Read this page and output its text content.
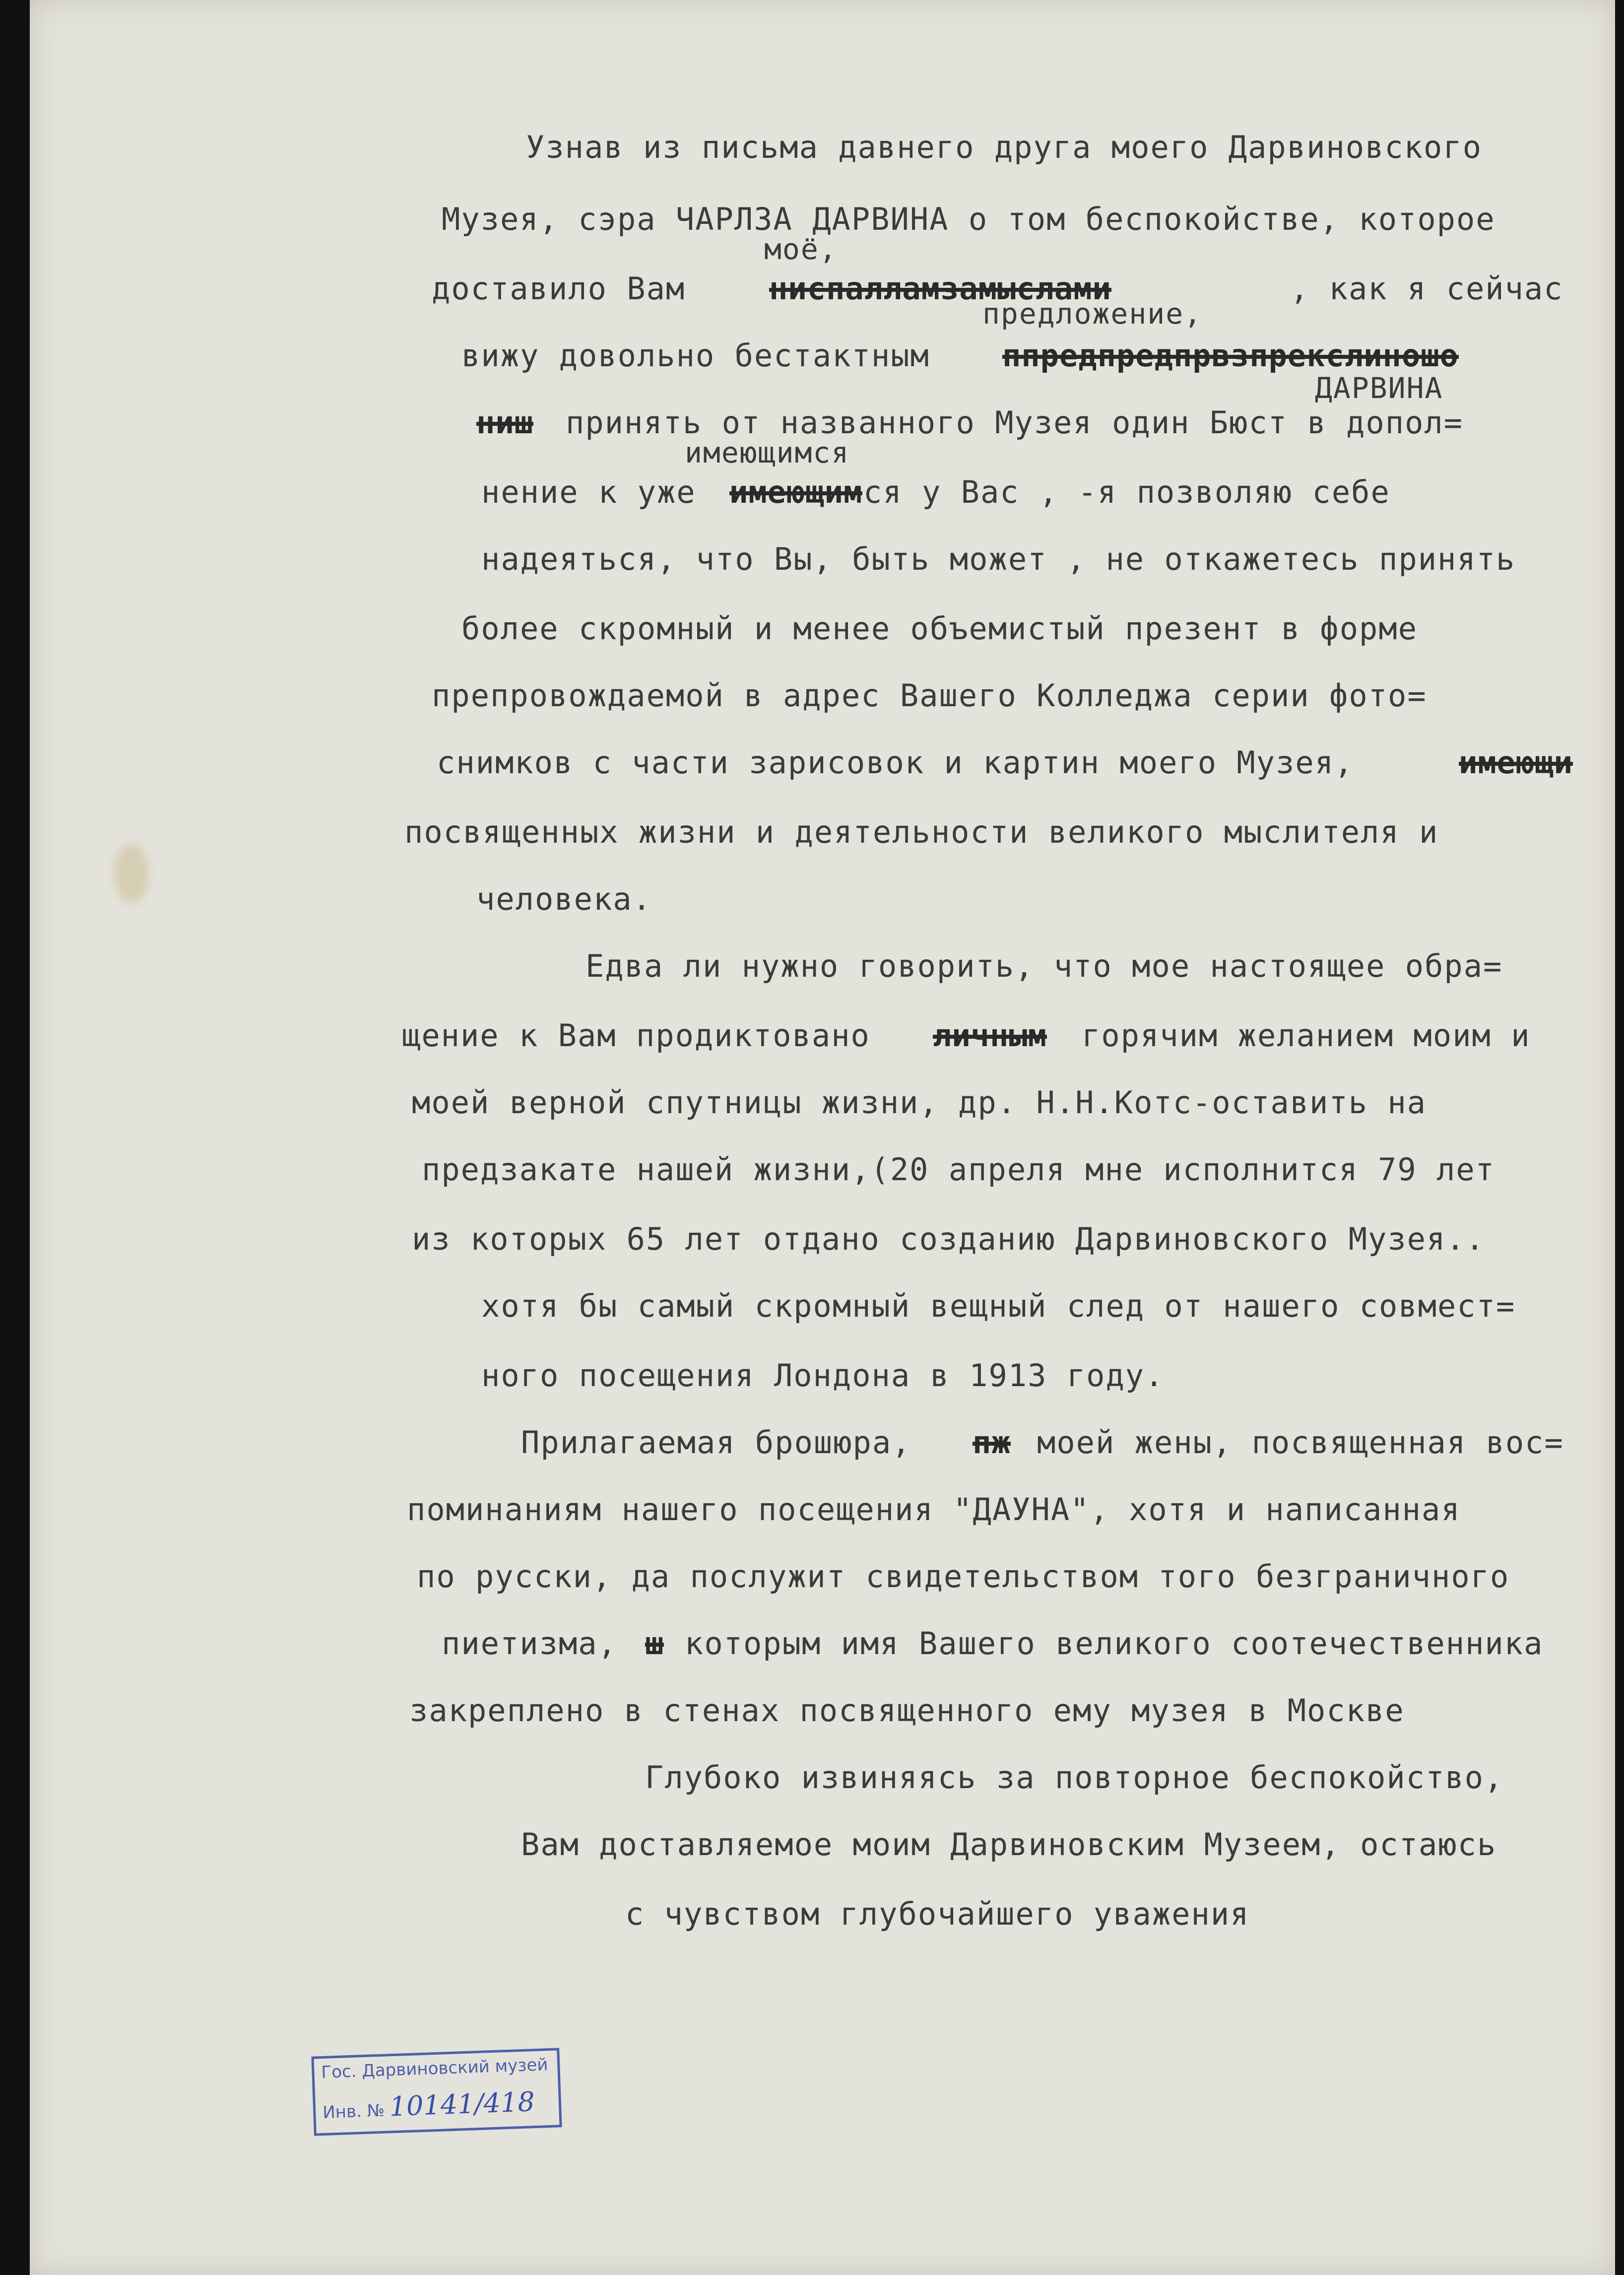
Узнав из письма давнего друга моего Дарвиновского
Музея, сэра ЧАРЛЗА ДАРВИНА о том беспокойстве, которое
моё,
доставило Вам	ниспалламзамыслами	, как я сейчас
предложение,
вижу довольно бестактным ппредпредпрвзпрекслиношо
ДАРВИНА
ниш принять от названного Музея один Бюст в допол=
имеющимся
нение к уже имеющим ся у Вас , -я позволяю себе
надеяться, что Вы, быть может , не откажетесь принять
более скромный и менее объемистый презент в форме
препровождаемой в адрес Вашего Колледжа серии фото=
снимков с части зарисовок и картин моего Музея,	имеющи
посвященных жизни и деятельности великого мыслителя и
человека.
Едва ли нужно говорить, что мое настоящее обра=
щение к Вам продиктовано личным горячим желанием моим и
моей верной спутницы жизни, др. Н.Н.Котс-оставить на
предзакате нашей жизни,(20 апреля мне исполнится 79 лет
из которых 65 лет отдано созданию Дарвиновского Музея..
хотя бы самый скромный вещный след от нашего совмест=
ного посещения Лондона в 1913 году.
Прилагаемая брошюра, пж моей жены, посвященная вос=
поминаниям нашего посещения "ДАУНА", хотя и написанная
по русски, да послужит свидетельством того безграничного
пиетизма, ш которым имя Вашего великого соотечественника
закреплено в стенах посвященного ему музея в Москве
Глубоко извиняясь за повторное беспокойство,
Вам доставляемое моим Дарвиновским Музеем, остаюсь
с чувством глубочайшего уважения
Гос. Дарвиновский музей
Инв. № 10141/418
